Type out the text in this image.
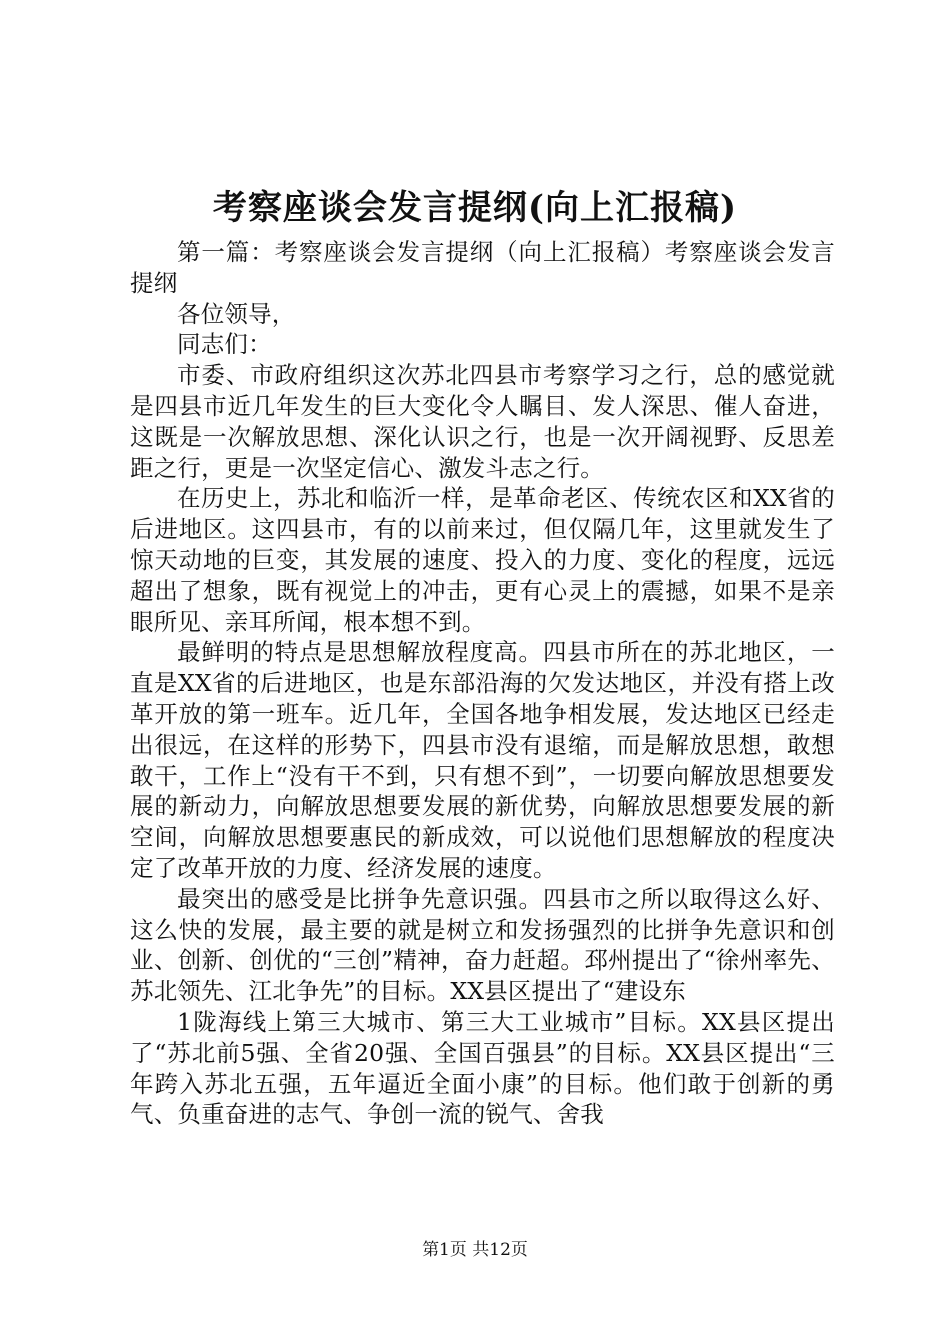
考察座谈会发言提纲(向上汇报稿)

第一篇：考察座谈会发言提纲（向上汇报稿）考察座谈会发言提纲

各位领导，

同志们：

市委、市政府组织这次苏北四县市考察学习之行，总的感觉就是四县市近几年发生的巨大变化令人瞩目、发人深思、催人奋进，这既是一次解放思想、深化认识之行，也是一次开阔视野、反思差距之行，更是一次坚定信心、激发斗志之行。

在历史上，苏北和临沂一样，是革命老区、传统农区和XX省的后进地区。这四县市，有的以前来过，但仅隔几年，这里就发生了惊天动地的巨变，其发展的速度、投入的力度、变化的程度，远远超出了想象，既有视觉上的冲击，更有心灵上的震撼，如果不是亲眼所见、亲耳所闻，根本想不到。

最鲜明的特点是思想解放程度高。四县市所在的苏北地区，一直是XX省的后进地区，也是东部沿海的欠发达地区，并没有搭上改革开放的第一班车。近几年，全国各地争相发展，发达地区已经走出很远，在这样的形势下，四县市没有退缩，而是解放思想，敢想敢干，工作上“没有干不到，只有想不到”，一切要向解放思想要发展的新动力，向解放思想要发展的新优势，向解放思想要发展的新空间，向解放思想要惠民的新成效，可以说他们思想解放的程度决定了改革开放的力度、经济发展的速度。

最突出的感受是比拼争先意识强。四县市之所以取得这么好、这么快的发展，最主要的就是树立和发扬强烈的比拼争先意识和创业、创新、创优的“三创”精神，奋力赶超。邳州提出了“徐州率先、苏北领先、江北争先”的目标。XX县区提出了“建设东

1陇海线上第三大城市、第三大工业城市”目标。XX县区提出了“苏北前5强、全省20强、全国百强县”的目标。XX县区提出“三年跨入苏北五强，五年逼近全面小康”的目标。他们敢于创新的勇气、负重奋进的志气、争创一流的锐气、舍我

第1页 共12页
